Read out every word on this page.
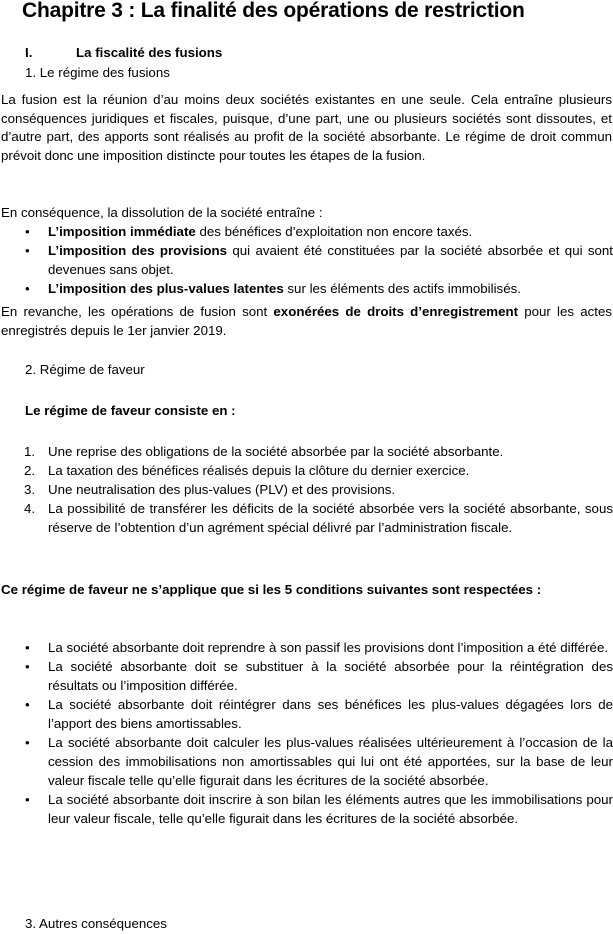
Chapitre 3 : La finalité des opérations de restriction
I.	La fiscalité des fusions
1. Le régime des fusions

La fusion est la réunion d’au moins deux sociétés existantes en une seule. Cela entraîne plusieurs conséquences juridiques et fiscales, puisque, d’une part, une ou plusieurs sociétés sont dissoutes, et d’autre part, des apports sont réalisés au profit de la société absorbante. Le régime de droit commun prévoit donc une imposition distincte pour toutes les étapes de la fusion.

En conséquence, la dissolution de la société entraîne :

• L’imposition immédiate des bénéfices d’exploitation non encore taxés.
• L’imposition des provisions qui avaient été constituées par la société absorbée et qui sont devenues sans objet.
• L’imposition des plus-values latentes sur les éléments des actifs immobilisés.

En revanche, les opérations de fusion sont exonérées de droits d’enregistrement pour les actes enregistrés depuis le 1er janvier 2019.

2. Régime de faveur
Le régime de faveur consiste en :
1. Une reprise des obligations de la société absorbée par la société absorbante.
2. La taxation des bénéfices réalisés depuis la clôture du dernier exercice.
3. Une neutralisation des plus-values (PLV) et des provisions.
4. La possibilité de transférer les déficits de la société absorbée vers la société absorbante, sous réserve de l’obtention d’un agrément spécial délivré par l’administration fiscale.

Ce régime de faveur ne s’applique que si les 5 conditions suivantes sont respectées :

• La société absorbante doit reprendre à son passif les provisions dont l’imposition a été différée.
• La société absorbante doit se substituer à la société absorbée pour la réintégration des résultats ou l’imposition différée.
• La société absorbante doit réintégrer dans ses bénéfices les plus-values dégagées lors de l’apport des biens amortissables.
• La société absorbante doit calculer les plus-values réalisées ultérieurement à l’occasion de la cession des immobilisations non amortissables qui lui ont été apportées, sur la base de leur valeur fiscale telle qu’elle figurait dans les écritures de la société absorbée.
• La société absorbante doit inscrire à son bilan les éléments autres que les immobilisations pour leur valeur fiscale, telle qu’elle figurait dans les écritures de la société absorbée.
3. Autres conséquences
